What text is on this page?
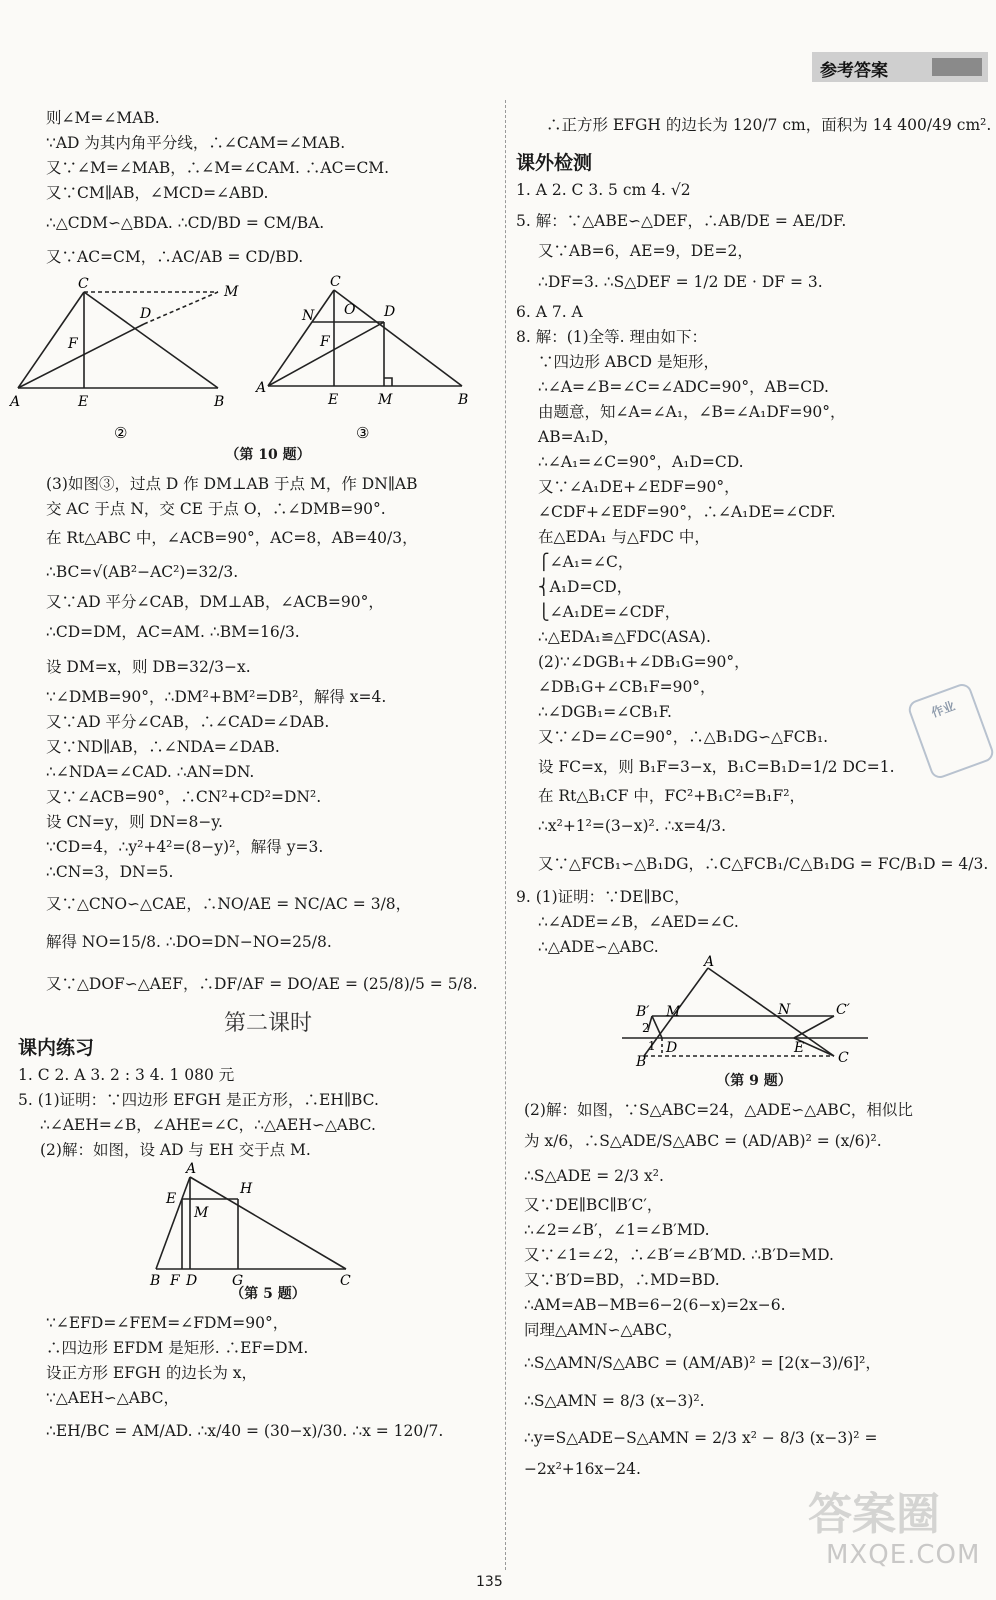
参考答案
则∠M=∠MAB.
∵AD 为其内角平分线，∴∠CAM=∠MAB.
又∵∠M=∠MAB，∴∠M=∠CAM. ∴AC=CM.
又∵CM∥AB，∠MCD=∠ABD.
∴△CDM∽△BDA. ∴CD/BD = CM/BA.
又∵AC=CM，∴AC/AB = CD/BD.
C	M
D
F
A	E	B
C
N O D
F
A
E	M	B
②	③
（第 10 题）
(3)如图③，过点 D 作 DM⊥AB 于点 M，作 DN∥AB
交 AC 于点 N，交 CE 于点 O，∴∠DMB=90°.
在 Rt△ABC 中，∠ACB=90°，AC=8，AB=40/3，
∴BC=√(AB²−AC²)=32/3.
又∵AD 平分∠CAB，DM⊥AB，∠ACB=90°，
∴CD=DM，AC=AM. ∴BM=16/3.
设 DM=x，则 DB=32/3−x.
∵∠DMB=90°，∴DM²+BM²=DB²，解得 x=4.
又∵AD 平分∠CAB，∴∠CAD=∠DAB.
又∵ND∥AB，∴∠NDA=∠DAB.
∴∠NDA=∠CAD. ∴AN=DN.
又∵∠ACB=90°，∴CN²+CD²=DN².
设 CN=y，则 DN=8−y.
∵CD=4，∴y²+4²=(8−y)²，解得 y=3.
∴CN=3，DN=5.
又∵△CNO∽△CAE，∴NO/AE = NC/AC = 3/8，
解得 NO=15/8. ∴DO=DN−NO=25/8.
又∵△DOF∽△AEF，∴DF/AF = DO/AE = (25/8)/5 = 5/8.
第二课时
课内练习
1. C 2. A 3. 2 : 3 4. 1 080 元
5. (1)证明：∵四边形 EFGH 是正方形，∴EH∥BC.
∴∠AEH=∠B，∠AHE=∠C，∴△AEH∽△ABC.
(2)解：如图，设 AD 与 EH 交于点 M.
A
E
H
M
B F D G	C
（第 5 题）
∵∠EFD=∠FEM=∠FDM=90°，
∴四边形 EFDM 是矩形. ∴EF=DM.
设正方形 EFGH 的边长为 x，
∵△AEH∽△ABC，
∴EH/BC = AM/AD. ∴x/40 = (30−x)/30. ∴x = 120/7.
∴正方形 EFGH 的边长为 120/7 cm，面积为 14 400/49 cm².
课外检测
1. A 2. C 3. 5 cm 4. √2
5. 解：∵△ABE∽△DEF，∴AB/DE = AE/DF.
又∵AB=6，AE=9，DE=2，
∴DF=3. ∴S△DEF = 1/2 DE · DF = 3.
6. A 7. A
8. 解：(1)全等. 理由如下：
∵四边形 ABCD 是矩形，
∴∠A=∠B=∠C=∠ADC=90°，AB=CD.
由题意，知∠A=∠A₁，∠B=∠A₁DF=90°，
AB=A₁D，
∴∠A₁=∠C=90°，A₁D=CD.
又∵∠A₁DE+∠EDF=90°，
∠CDF+∠EDF=90°，∴∠A₁DE=∠CDF.
在△EDA₁ 与△FDC 中，
⎧∠A₁=∠C，
⎨A₁D=CD，
⎩∠A₁DE=∠CDF，
∴△EDA₁≌△FDC(ASA).
(2)∵∠DGB₁+∠DB₁G=90°，
∠DB₁G+∠CB₁F=90°，
∴∠DGB₁=∠CB₁F.
又∵∠D=∠C=90°，∴△B₁DG∽△FCB₁.
设 FC=x，则 B₁F=3−x，B₁C=B₁D=1/2 DC=1.
在 Rt△B₁CF 中，FC²+B₁C²=B₁F²，
∴x²+1²=(3−x)². ∴x=4/3.
又∵△FCB₁∽△B₁DG，∴C△FCB₁/C△B₁DG = FC/B₁D = 4/3.
9. (1)证明：∵DE∥BC，
∴∠ADE=∠B，∠AED=∠C.
∴△ADE∽△ABC.
A
B′ M	N	C′
2
1 D	E
B	C
（第 9 题）
(2)解：如图，∵S△ABC=24，△ADE∽△ABC，相似比
为 x/6，∴S△ADE/S△ABC = (AD/AB)² = (x/6)².
∴S△ADE = 2/3 x².
又∵DE∥BC∥B′C′，
∴∠2=∠B′，∠1=∠B′MD.
又∵∠1=∠2，∴∠B′=∠B′MD. ∴B′D=MD.
又∵B′D=BD，∴MD=BD.
∴AM=AB−MB=6−2(6−x)=2x−6.
同理△AMN∽△ABC，
∴S△AMN/S△ABC = (AM/AB)² = [2(x−3)/6]²，
∴S△AMN = 8/3 (x−3)².
∴y=S△ADE−S△AMN = 2/3 x² − 8/3 (x−3)² =
−2x²+16x−24.
作业
答案圈
MXQE.COM
135
